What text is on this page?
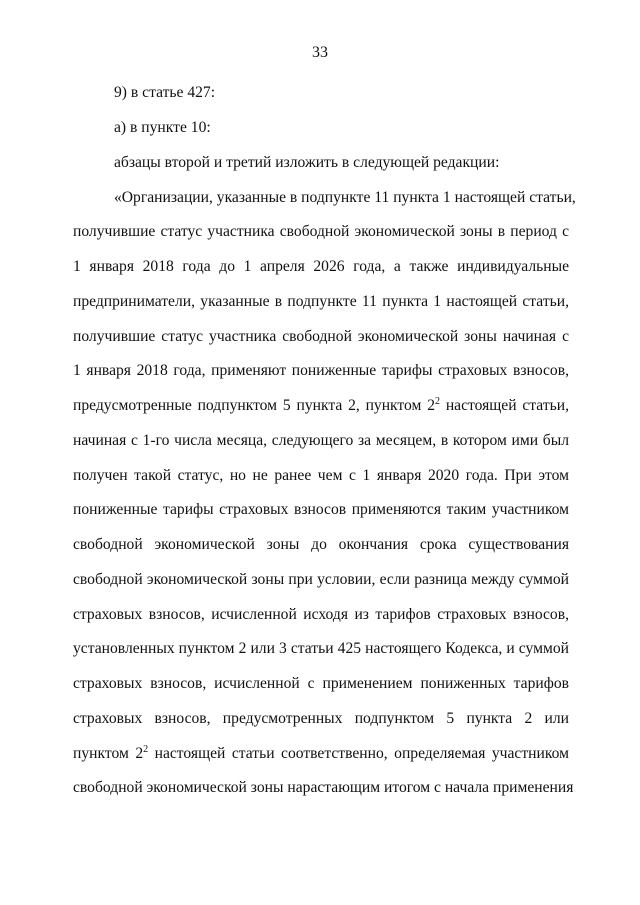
33
9) в статье 427:
а) в пункте 10:
абзацы второй и третий изложить в следующей редакции:
«Организации, указанные в подпункте 11 пункта 1 настоящей статьи,
получившие статус участника свободной экономической зоны в период с
1 января 2018 года до 1 апреля 2026 года, а также индивидуальные
предприниматели, указанные в подпункте 11 пункта 1 настоящей статьи,
получившие статус участника свободной экономической зоны начиная с
1 января 2018 года, применяют пониженные тарифы страховых взносов,
предусмотренные подпунктом 5 пункта 2, пунктом $2^2$ настоящей статьи,
начиная с 1-го числа месяца, следующего за месяцем, в котором ими был
получен такой статус, но не ранее чем с 1 января 2020 года. При этом
пониженные тарифы страховых взносов применяются таким участником
свободной экономической зоны до окончания срока существования
свободной экономической зоны при условии, если разница между суммой
страховых взносов, исчисленной исходя из тарифов страховых взносов,
установленных пунктом 2 или 3 статьи 425 настоящего Кодекса, и суммой
страховых взносов, исчисленной с применением пониженных тарифов
страховых взносов, предусмотренных подпунктом 5 пункта 2 или
пунктом $2^2$ настоящей статьи соответственно, определяемая участником
свободной экономической зоны нарастающим итогом с начала применения
